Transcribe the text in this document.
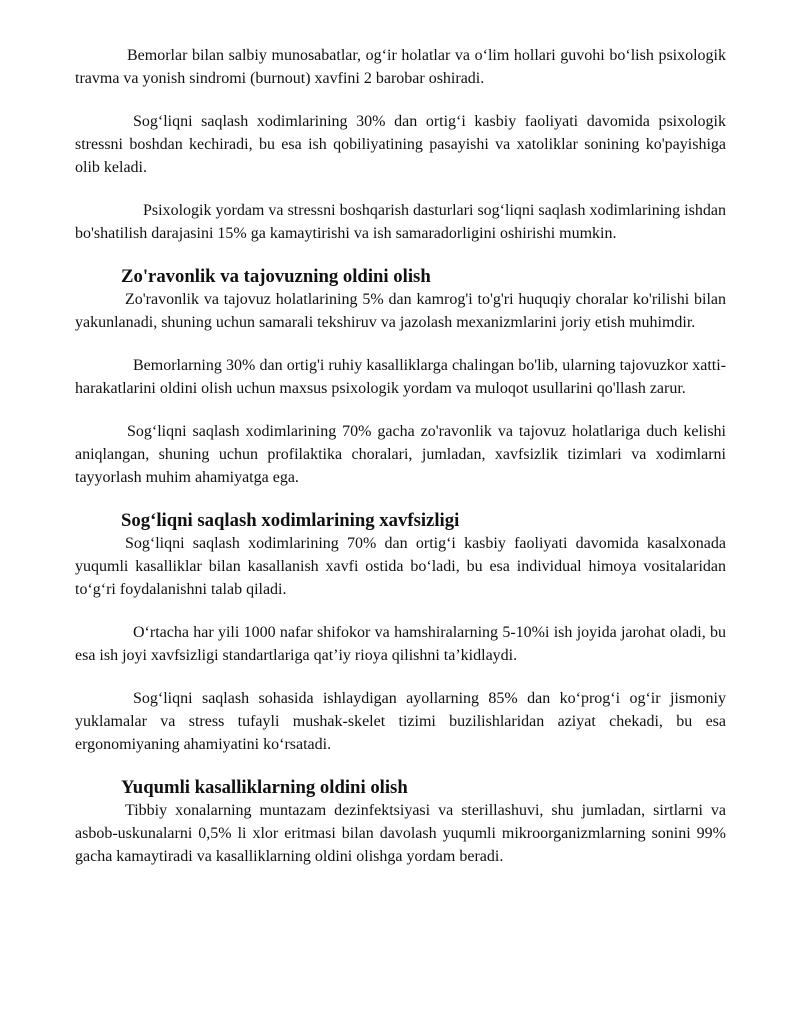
Bemorlar bilan salbiy munosabatlar, og‘ir holatlar va o‘lim hollari guvohi bo‘lish psixologik travma va yonish sindromi (burnout) xavfini 2 barobar oshiradi.

Sog‘liqni saqlash xodimlarining 30% dan ortig‘i kasbiy faoliyati davomida psixologik stressni boshdan kechiradi, bu esa ish qobiliyatining pasayishi va xatoliklar sonining ko'payishiga olib keladi.

Psixologik yordam va stressni boshqarish dasturlari sog‘liqni saqlash xodimlarining ishdan bo'shatilish darajasini 15% ga kamaytirishi va ish samaradorligini oshirishi mumkin.

Zo'ravonlik va tajovuzning oldini olish

Zo'ravonlik va tajovuz holatlarining 5% dan kamrog'i to'g'ri huquqiy choralar ko'rilishi bilan yakunlanadi, shuning uchun samarali tekshiruv va jazolash mexanizmlarini joriy etish muhimdir.

Bemorlarning 30% dan ortig'i ruhiy kasalliklarga chalingan bo'lib, ularning tajovuzkor xatti-harakatlarini oldini olish uchun maxsus psixologik yordam va muloqot usullarini qo'llash zarur.

Sog‘liqni saqlash xodimlarining 70% gacha zo'ravonlik va tajovuz holatlariga duch kelishi aniqlangan, shuning uchun profilaktika choralari, jumladan, xavfsizlik tizimlari va xodimlarni tayyorlash muhim ahamiyatga ega.

Sog‘liqni saqlash xodimlarining xavfsizligi

Sog‘liqni saqlash xodimlarining 70% dan ortig‘i kasbiy faoliyati davomida kasalxonada yuqumli kasalliklar bilan kasallanish xavfi ostida bo‘ladi, bu esa individual himoya vositalaridan to‘g‘ri foydalanishni talab qiladi.

O‘rtacha har yili 1000 nafar shifokor va hamshiralarning 5-10%i ish joyida jarohat oladi, bu esa ish joyi xavfsizligi standartlariga qat’iy rioya qilishni ta’kidlaydi.

Sog‘liqni saqlash sohasida ishlaydigan ayollarning 85% dan ko‘prog‘i og‘ir jismoniy yuklamalar va stress tufayli mushak-skelet tizimi buzilishlaridan aziyat chekadi, bu esa ergonomiyaning ahamiyatini ko‘rsatadi.

Yuqumli kasalliklarning oldini olish

Tibbiy xonalarning muntazam dezinfektsiyasi va sterillashuvi, shu jumladan, sirtlarni va asbob-uskunalarni 0,5% li xlor eritmasi bilan davolash yuqumli mikroorganizmlarning sonini 99% gacha kamaytiradi va kasalliklarning oldini olishga yordam beradi.
